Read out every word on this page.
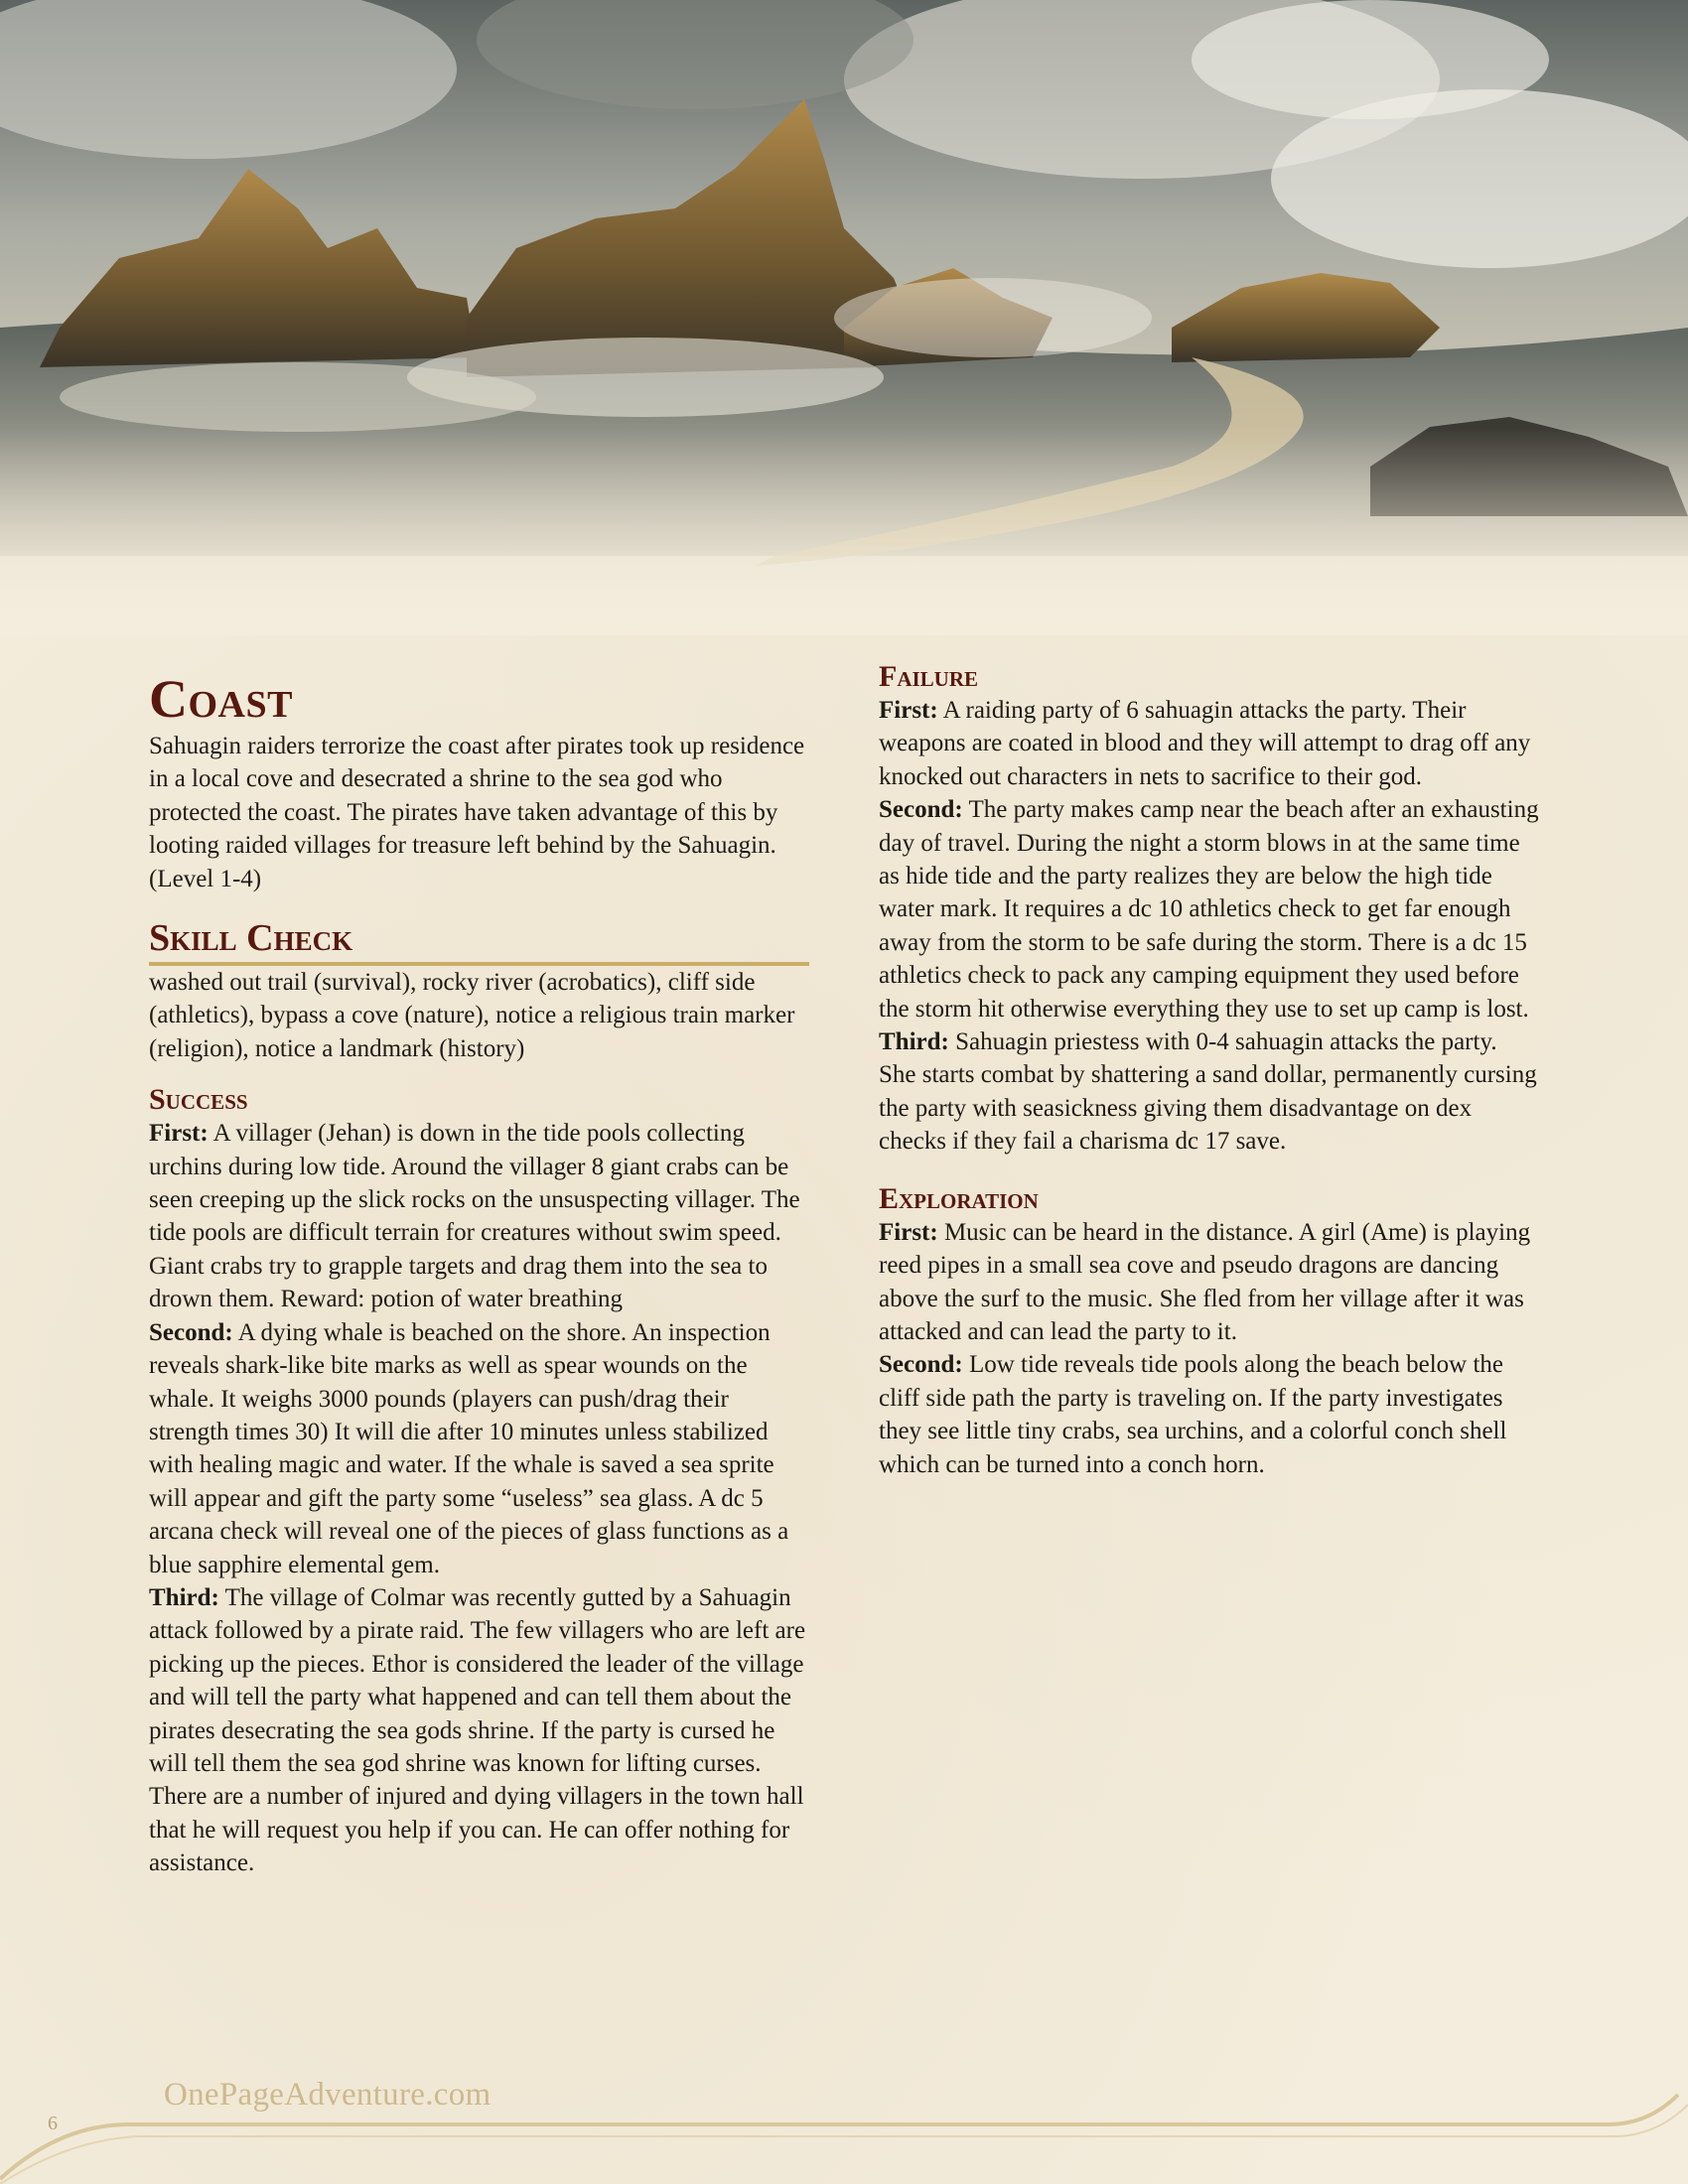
Coast

Sahuagin raiders terrorize the coast after pirates took up residence in a local cove and desecrated a shrine to the sea god who protected the coast. The pirates have taken advantage of this by looting raided villages for treasure left behind by the Sahuagin. (Level 1-4)

Skill Check

washed out trail (survival), rocky river (acrobatics), cliff side (athletics), bypass a cove (nature), notice a religious train marker (religion), notice a landmark (history)

Success

First: A villager (Jehan) is down in the tide pools collecting urchins during low tide. Around the villager 8 giant crabs can be seen creeping up the slick rocks on the unsuspecting villager. The tide pools are difficult terrain for creatures without swim speed. Giant crabs try to grapple targets and drag them into the sea to drown them. Reward: potion of water breathing

Second: A dying whale is beached on the shore. An inspection reveals shark-like bite marks as well as spear wounds on the whale. It weighs 3000 pounds (players can push/drag their strength times 30) It will die after 10 minutes unless stabilized with healing magic and water. If the whale is saved a sea sprite will appear and gift the party some “useless” sea glass. A dc 5 arcana check will reveal one of the pieces of glass functions as a blue sapphire elemental gem.

Third: The village of Colmar was recently gutted by a Sahuagin attack followed by a pirate raid. The few villagers who are left are picking up the pieces. Ethor is considered the leader of the village and will tell the party what happened and can tell them about the pirates desecrating the sea gods shrine. If the party is cursed he will tell them the sea god shrine was known for lifting curses. There are a number of injured and dying villagers in the town hall that he will request you help if you can. He can offer nothing for assistance.

Failure

First: A raiding party of 6 sahuagin attacks the party. Their weapons are coated in blood and they will attempt to drag off any knocked out characters in nets to sacrifice to their god.

Second: The party makes camp near the beach after an exhausting day of travel. During the night a storm blows in at the same time as hide tide and the party realizes they are below the high tide water mark. It requires a dc 10 athletics check to get far enough away from the storm to be safe during the storm. There is a dc 15 athletics check to pack any camping equipment they used before the storm hit otherwise everything they use to set up camp is lost.

Third: Sahuagin priestess with 0-4 sahuagin attacks the party. She starts combat by shattering a sand dollar, permanently cursing the party with seasickness giving them disadvantage on dex checks if they fail a charisma dc 17 save.

Exploration

First: Music can be heard in the distance. A girl (Ame) is playing reed pipes in a small sea cove and pseudo dragons are dancing above the surf to the music. She fled from her village after it was attacked and can lead the party to it.

Second: Low tide reveals tide pools along the beach below the cliff side path the party is traveling on. If the party investigates they see little tiny crabs, sea urchins, and a colorful conch shell which can be turned into a conch horn.

OnePageAdventure.com
6
